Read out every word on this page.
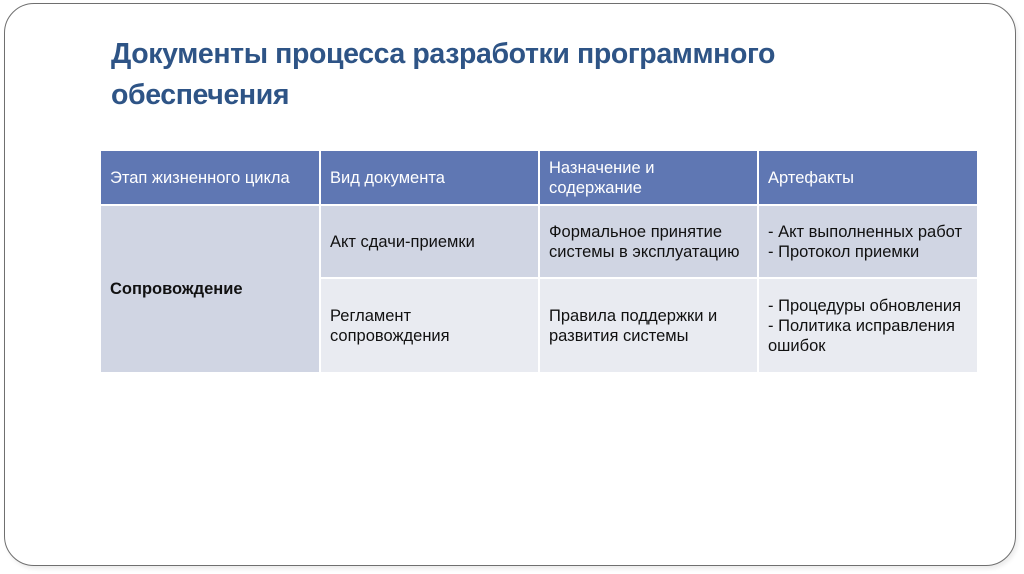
Документы процесса разработки программного обеспечения
Этап жизненного цикла	Вид документа	Назначение и содержание	Артефакты
Сопровождение	Акт сдачи-приемки	Формальное принятие системы в эксплуатацию	- Акт выполненных работ
- Протокол приемки

	Регламент сопровождения	Правила поддержки и развития системы	- Процедуры обновления
- Политика исправления ошибок
